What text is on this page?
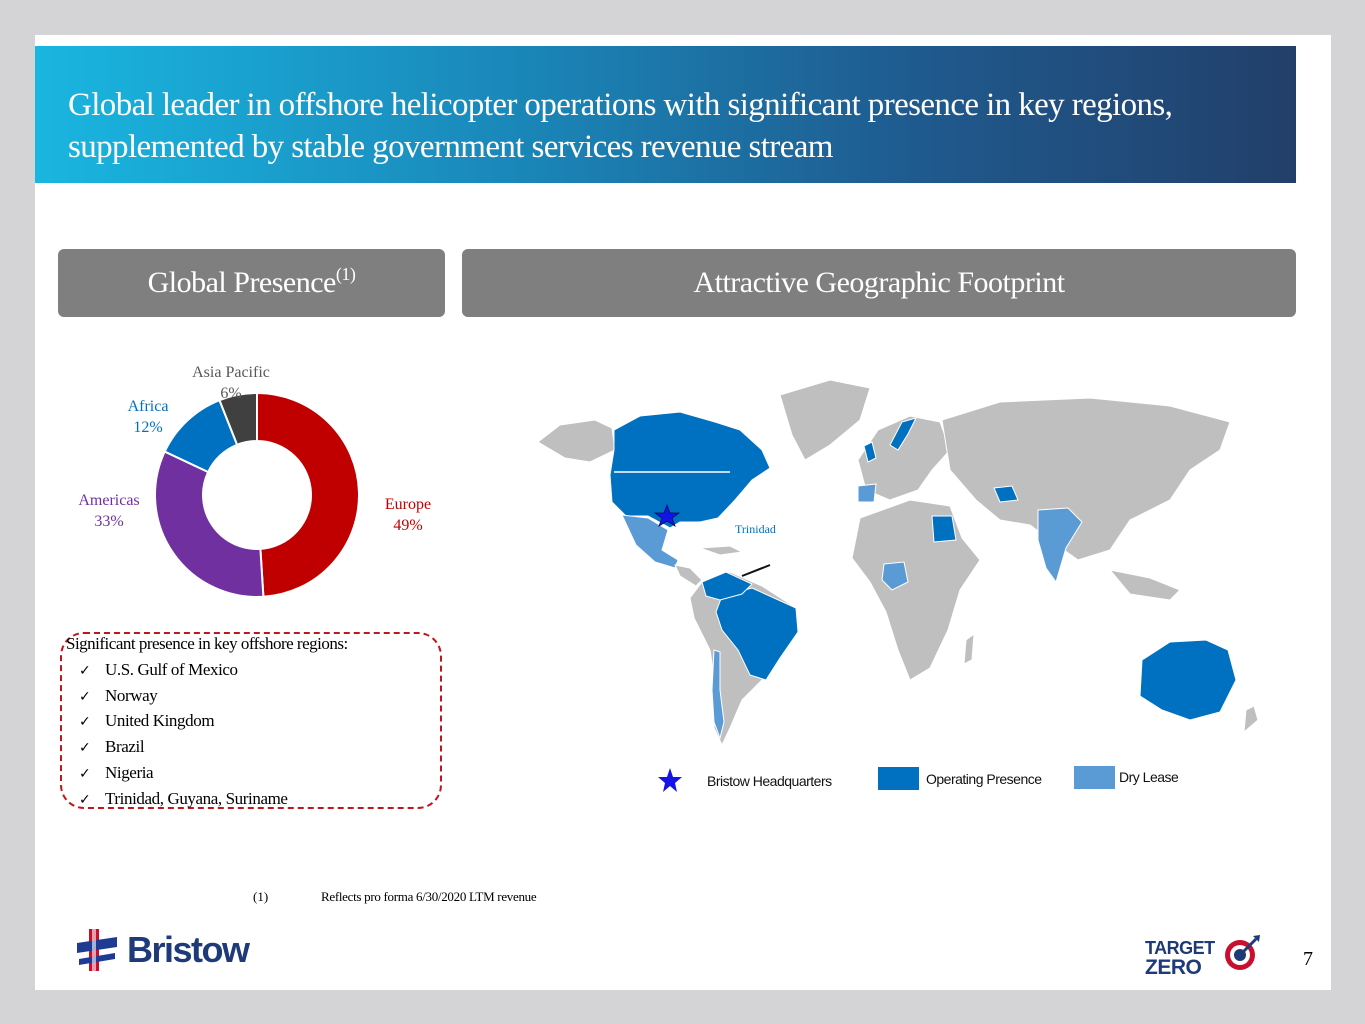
Global leader in offshore helicopter operations with significant presence in key regions, supplemented by stable government services revenue stream
Global Presence$^{(1)}$	Attractive Geographic Footprint
Asia Pacific
6%
Africa
12%
Americas
33%
Europe
49%
Significant presence in key offshore regions:
✓ U.S. Gulf of Mexico
✓ Norway
✓ United Kingdom
✓ Brazil
✓ Nigeria
✓ Trinidad, Guyana, Suriname
Trinidad
Bristow Headquarters	Operating Presence	Dry Lease
(1)	Reflects pro forma 6/30/2020 LTM revenue
Bristow	TARGET
ZERO	7
